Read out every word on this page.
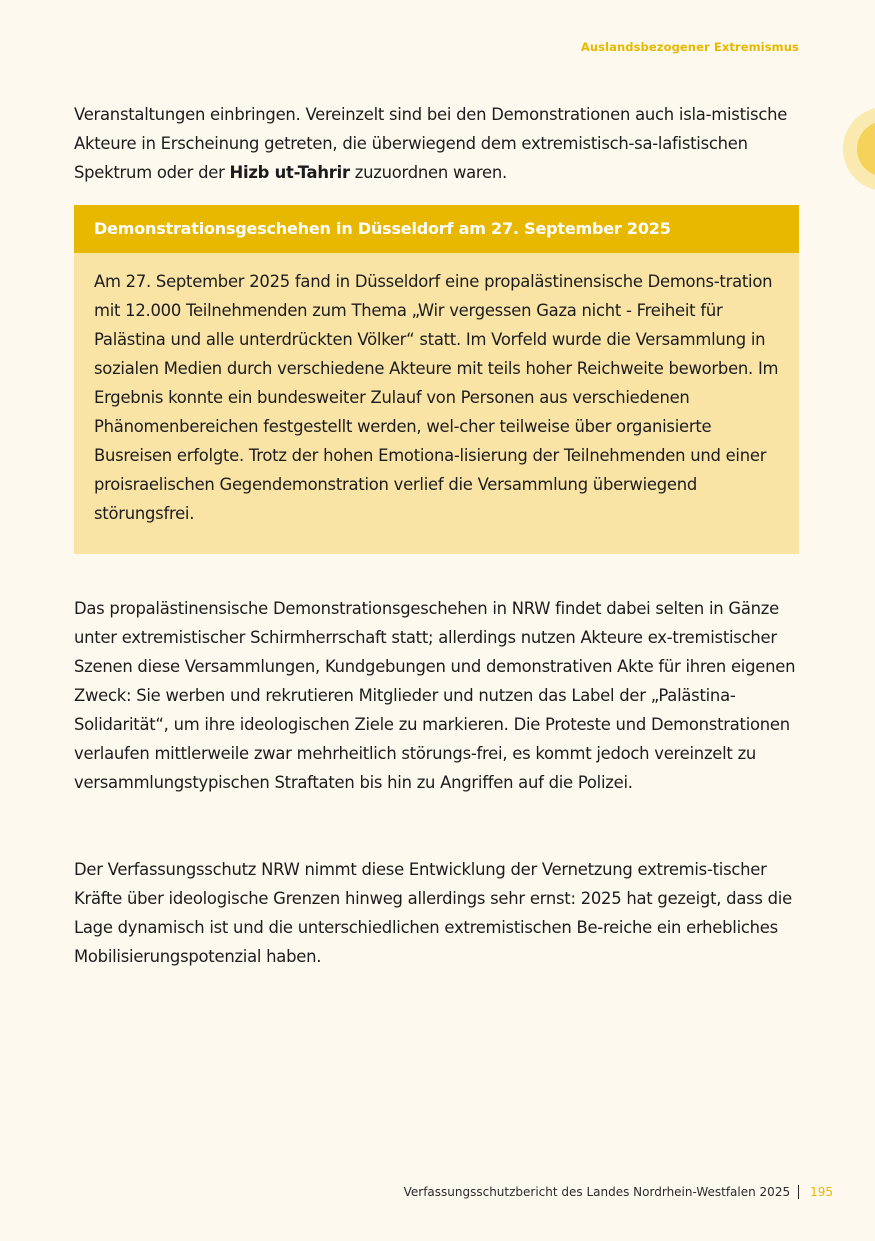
Auslandsbezogener Extremismus

Veranstaltungen einbringen. Vereinzelt sind bei den Demonstrationen auch isla-mistische Akteure in Erscheinung getreten, die überwiegend dem extremistisch-sa-lafistischen Spektrum oder der Hizb ut-Tahrir zuzuordnen waren.

Demonstrationsgeschehen in Düsseldorf am 27. September 2025

Am 27. September 2025 fand in Düsseldorf eine propalästinensische Demons-tration mit 12.000 Teilnehmenden zum Thema „Wir vergessen Gaza nicht - Freiheit für Palästina und alle unterdrückten Völker“ statt. Im Vorfeld wurde die Versammlung in sozialen Medien durch verschiedene Akteure mit teils hoher Reichweite beworben. Im Ergebnis konnte ein bundesweiter Zulauf von Personen aus verschiedenen Phänomenbereichen festgestellt werden, wel-cher teilweise über organisierte Busreisen erfolgte. Trotz der hohen Emotiona-lisierung der Teilnehmenden und einer proisraelischen Gegendemonstration verlief die Versammlung überwiegend störungsfrei.

Das propalästinensische Demonstrationsgeschehen in NRW findet dabei selten in Gänze unter extremistischer Schirmherrschaft statt; allerdings nutzen Akteure ex-tremistischer Szenen diese Versammlungen, Kundgebungen und demonstrativen Akte für ihren eigenen Zweck: Sie werben und rekrutieren Mitglieder und nutzen das Label der „Palästina-Solidarität“, um ihre ideologischen Ziele zu markieren. Die Proteste und Demonstrationen verlaufen mittlerweile zwar mehrheitlich störungs-frei, es kommt jedoch vereinzelt zu versammlungstypischen Straftaten bis hin zu Angriffen auf die Polizei.

Der Verfassungsschutz NRW nimmt diese Entwicklung der Vernetzung extremis-tischer Kräfte über ideologische Grenzen hinweg allerdings sehr ernst: 2025 hat gezeigt, dass die Lage dynamisch ist und die unterschiedlichen extremistischen Be-reiche ein erhebliches Mobilisierungspotenzial haben.

Verfassungsschutzbericht des Landes Nordrhein-Westfalen 2025 195
